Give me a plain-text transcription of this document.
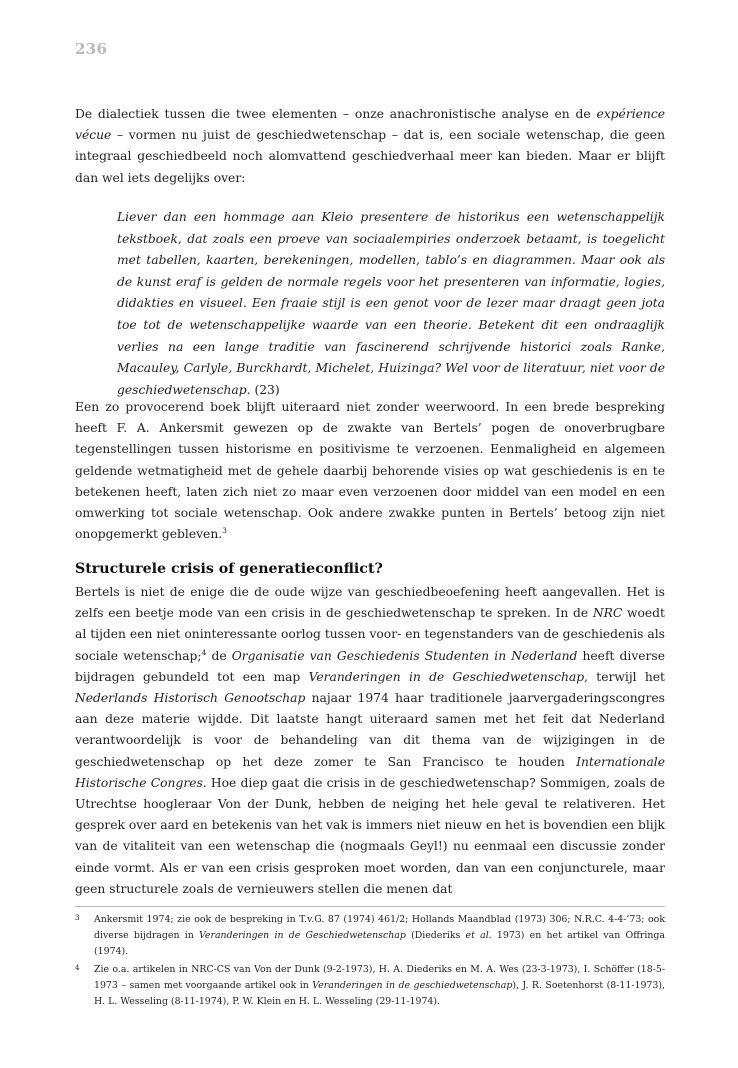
236

De dialectiek tussen die twee elementen – onze anachronistische analyse en de expérience vécue – vormen nu juist de geschiedwetenschap – dat is, een sociale wetenschap, die geen integraal geschiedbeeld noch alomvattend geschiedverhaal meer kan bieden. Maar er blijft dan wel iets degelijks over:

Liever dan een hommage aan Kleio presentere de historikus een wetenschappelijk tekstboek, dat zoals een proeve van sociaalempiries onderzoek betaamt, is toegelicht met tabellen, kaarten, berekeningen, modellen, tablo’s en diagrammen. Maar ook als de kunst eraf is gelden de normale regels voor het presenteren van informatie, logies, didakties en visueel. Een fraaie stijl is een genot voor de lezer maar draagt geen jota toe tot de wetenschappelijke waarde van een theorie. Betekent dit een ondraaglijk verlies na een lange traditie van fascinerend schrijvende historici zoals Ranke, Macauley, Carlyle, Burckhardt, Michelet, Huizinga? Wel voor de literatuur, niet voor de geschiedwetenschap. (23)

Een zo provocerend boek blijft uiteraard niet zonder weerwoord. In een brede bespreking heeft F. A. Ankersmit gewezen op de zwakte van Bertels’ pogen de onoverbrugbare tegenstellingen tussen historisme en positivisme te verzoenen. Eenmaligheid en algemeen geldende wetmatigheid met de gehele daarbij behorende visies op wat geschiedenis is en te betekenen heeft, laten zich niet zo maar even verzoenen door middel van een model en een omwerking tot sociale wetenschap. Ook andere zwakke punten in Bertels’ betoog zijn niet onopgemerkt gebleven.$^3$

Structurele crisis of generatieconflict?

Bertels is niet de enige die de oude wijze van geschiedbeoefening heeft aangevallen. Het is zelfs een beetje mode van een crisis in de geschiedwetenschap te spreken. In de NRC woedt al tijden een niet oninteressante oorlog tussen voor- en tegenstanders van de geschiedenis als sociale wetenschap;$^4$ de Organisatie van Geschiedenis Studenten in Nederland heeft diverse bijdragen gebundeld tot een map Veranderingen in de Geschiedwetenschap, terwijl het Nederlands Historisch Genootschap najaar 1974 haar traditionele jaarvergaderingscongres aan deze materie wijdde. Dit laatste hangt uiteraard samen met het feit dat Nederland verantwoordelijk is voor de behandeling van dit thema van de wijzigingen in de geschiedwetenschap op het deze zomer te San Francisco te houden Internationale Historische Congres. Hoe diep gaat die crisis in de geschiedwetenschap? Sommigen, zoals de Utrechtse hoogleraar Von der Dunk, hebben de neiging het hele geval te relativeren. Het gesprek over aard en betekenis van het vak is immers niet nieuw en het is bovendien een blijk van de vitaliteit van een wetenschap die (nogmaals Geyl!) nu eenmaal een discussie zonder einde vormt. Als er van een crisis gesproken moet worden, dan van een conjuncturele, maar geen structurele zoals de vernieuwers stellen die menen dat

3 Ankersmit 1974; zie ook de bespreking in T.v.G. 87 (1974) 461/2; Hollands Maandblad (1973) 306; N.R.C. 4-4-’73; ook diverse bijdragen in Veranderingen in de Geschiedwetenschap (Diederiks et al. 1973) en het artikel van Offringa (1974).
4 Zie o.a. artikelen in NRC-CS van Von der Dunk (9-2-1973), H. A. Diederiks en M. A. Wes (23-3-1973), I. Schöffer (18-5-1973 – samen met voorgaande artikel ook in Veranderingen in de geschiedwetenschap), J. R. Soetenhorst (8-11-1973), H. L. Wesseling (8-11-1974), P. W. Klein en H. L. Wesseling (29-11-1974).
